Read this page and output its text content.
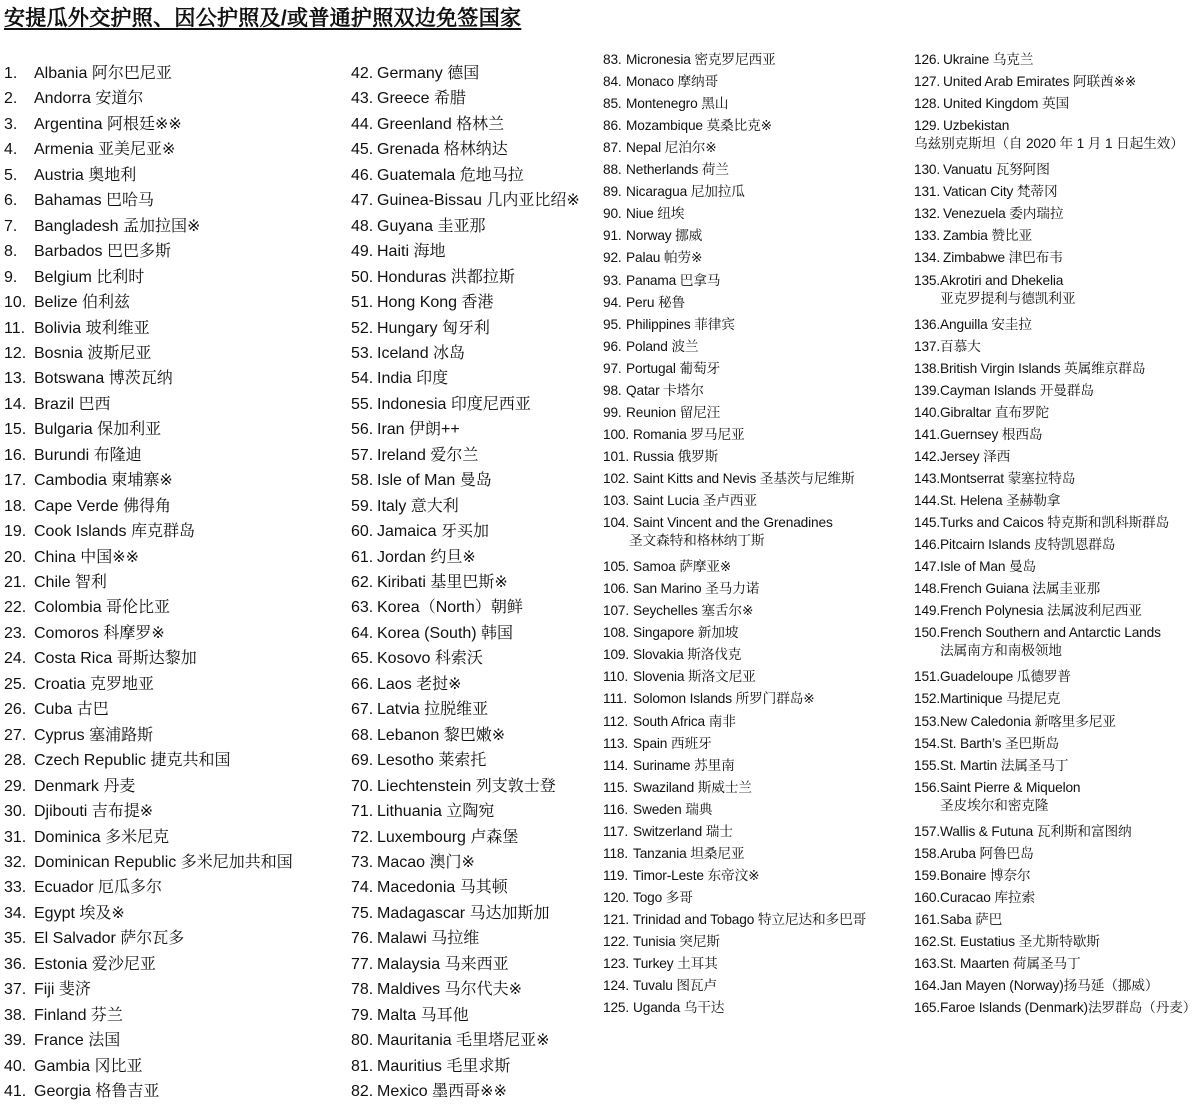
安提瓜外交护照、因公护照及/或普通护照双边免签国家
1. Albania 阿尔巴尼亚
2. Andorra 安道尔
3. Argentina 阿根廷※※
4. Armenia 亚美尼亚※
5. Austria 奥地利
6. Bahamas 巴哈马
7. Bangladesh 孟加拉国※
8. Barbados 巴巴多斯
9. Belgium 比利时
10. Belize 伯利兹
11. Bolivia 玻利维亚
12. Bosnia 波斯尼亚
13. Botswana 博茨瓦纳
14. Brazil 巴西
15. Bulgaria 保加利亚
16. Burundi 布隆迪
17. Cambodia 柬埔寨※
18. Cape Verde 佛得角
19. Cook Islands 库克群岛
20. China 中国※※
21. Chile 智利
22. Colombia 哥伦比亚
23. Comoros 科摩罗※
24. Costa Rica 哥斯达黎加
25. Croatia 克罗地亚
26. Cuba 古巴
27. Cyprus 塞浦路斯
28. Czech Republic 捷克共和国
29. Denmark 丹麦
30. Djibouti 吉布提※
31. Dominica 多米尼克
32. Dominican Republic 多米尼加共和国
33. Ecuador 厄瓜多尔
34. Egypt 埃及※
35. El Salvador 萨尔瓦多
36. Estonia 爱沙尼亚
37. Fiji 斐济
38. Finland 芬兰
39. France 法国
40. Gambia 冈比亚
41. Georgia 格鲁吉亚
42. Germany 德国
43. Greece 希腊
44. Greenland 格林兰
45. Grenada 格林纳达
46. Guatemala 危地马拉
47. Guinea-Bissau 几内亚比绍※
48. Guyana 圭亚那
49. Haiti 海地
50. Honduras 洪都拉斯
51. Hong Kong 香港
52. Hungary 匈牙利
53. Iceland 冰岛
54. India 印度
55. Indonesia 印度尼西亚
56. Iran 伊朗++
57. Ireland 爱尔兰
58. Isle of Man 曼岛
59. Italy 意大利
60. Jamaica 牙买加
61. Jordan 约旦※
62. Kiribati 基里巴斯※
63. Korea（North）朝鲜
64. Korea (South) 韩国
65. Kosovo 科索沃
66. Laos 老挝※
67. Latvia 拉脱维亚
68. Lebanon 黎巴嫩※
69. Lesotho 莱索托
70. Liechtenstein 列支敦士登
71. Lithuania 立陶宛
72. Luxembourg 卢森堡
73. Macao 澳门※
74. Macedonia 马其顿
75. Madagascar 马达加斯加
76. Malawi 马拉维
77. Malaysia 马来西亚
78. Maldives 马尔代夫※
79. Malta 马耳他
80. Mauritania 毛里塔尼亚※
81. Mauritius 毛里求斯
82. Mexico 墨西哥※※
83. Micronesia 密克罗尼西亚
84. Monaco 摩纳哥
85. Montenegro 黑山
86. Mozambique 莫桑比克※
87. Nepal 尼泊尔※
88. Netherlands 荷兰
89. Nicaragua 尼加拉瓜
90. Niue 纽埃
91. Norway 挪威
92. Palau 帕劳※
93. Panama 巴拿马
94. Peru 秘鲁
95. Philippines 菲律宾
96. Poland 波兰
97. Portugal 葡萄牙
98. Qatar 卡塔尔
99. Reunion 留尼汪
100. Romania 罗马尼亚
101. Russia 俄罗斯
102. Saint Kitts and Nevis 圣基茨与尼维斯
103. Saint Lucia 圣卢西亚
104. Saint Vincent and the Grenadines
圣文森特和格林纳丁斯
105. Samoa 萨摩亚※
106. San Marino 圣马力诺
107. Seychelles 塞舌尔※
108. Singapore 新加坡
109. Slovakia 斯洛伐克
110. Slovenia 斯洛文尼亚
111. Solomon Islands 所罗门群岛※
112. South Africa 南非
113. Spain 西班牙
114. Suriname 苏里南
115. Swaziland 斯威士兰
116. Sweden 瑞典
117. Switzerland 瑞士
118. Tanzania 坦桑尼亚
119. Timor-Leste 东帝汶※
120. Togo 多哥
121. Trinidad and Tobago 特立尼达和多巴哥
122. Tunisia 突尼斯
123. Turkey 土耳其
124. Tuvalu 图瓦卢
125. Uganda 乌干达
126. Ukraine 乌克兰
127. United Arab Emirates 阿联酋※※
128. United Kingdom 英国
129. Uzbekistan
乌兹别克斯坦（自 2020 年 1 月 1 日起生效）
130. Vanuatu 瓦努阿图
131. Vatican City 梵蒂冈
132. Venezuela 委内瑞拉
133. Zambia 赞比亚
134. Zimbabwe 津巴布韦
135.Akrotiri and Dhekelia
亚克罗提利与德凯利亚
136.Anguilla 安圭拉
137.百慕大
138.British Virgin Islands 英属维京群岛
139.Cayman Islands 开曼群岛
140.Gibraltar 直布罗陀
141.Guernsey 根西岛
142.Jersey 泽西
143.Montserrat 蒙塞拉特岛
144.St. Helena 圣赫勒拿
145.Turks and Caicos 特克斯和凯科斯群岛
146.Pitcairn Islands 皮特凯恩群岛
147.Isle of Man 曼岛
148.French Guiana 法属圭亚那
149.French Polynesia 法属波利尼西亚
150.French Southern and Antarctic Lands
法属南方和南极领地
151.Guadeloupe 瓜德罗普
152.Martinique 马提尼克
153.New Caledonia 新喀里多尼亚
154.St. Barth’s 圣巴斯岛
155.St. Martin 法属圣马丁
156.Saint Pierre & Miquelon
圣皮埃尔和密克隆
157.Wallis & Futuna 瓦利斯和富图纳
158.Aruba 阿鲁巴岛
159.Bonaire 博奈尔
160.Curacao 库拉索
161.Saba 萨巴
162.St. Eustatius 圣尤斯特歇斯
163.St. Maarten 荷属圣马丁
164.Jan Mayen (Norway)扬马延（挪威）
165.Faroe Islands (Denmark)法罗群岛（丹麦）
